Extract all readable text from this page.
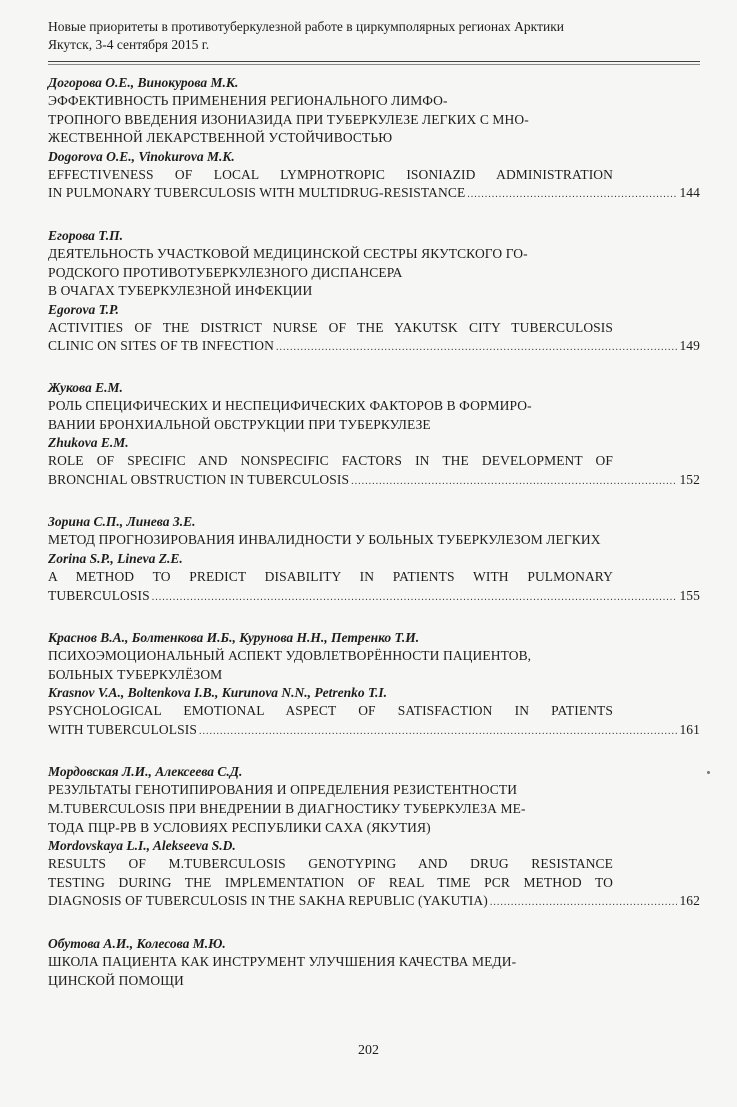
Новые приоритеты в противотуберкулезной работе в циркумполярных регионах Арктики
Якутск, 3-4 сентября 2015 г.
Догорова О.Е., Винокурова М.К.
ЭФФЕКТИВНОСТЬ ПРИМЕНЕНИЯ РЕГИОНАЛЬНОГО ЛИМФО-
ТРОПНОГО ВВЕДЕНИЯ ИЗОНИАЗИДА ПРИ ТУБЕРКУЛЕЗЕ ЛЕГКИХ С МНО-
ЖЕСТВЕННОЙ ЛЕКАРСТВЕННОЙ УСТОЙЧИВОСТЬЮ
Dogorova O.E., Vinokurova M.K.
EFFECTIVENESS OF LOCAL LYMPHOTROPIC ISONIAZID ADMINISTRATION
IN PULMONARY TUBERCULOSIS WITH MULTIDRUG-RESISTANCE .....	144
Егорова Т.П.
ДЕЯТЕЛЬНОСТЬ УЧАСТКОВОЙ МЕДИЦИНСКОЙ СЕСТРЫ ЯКУТСКОГО ГО-
РОДСКОГО ПРОТИВОТУБЕРКУЛЕЗНОГО ДИСПАНСЕРА
В ОЧАГАХ ТУБЕРКУЛЕЗНОЙ ИНФЕКЦИИ
Egorova T.P.
ACTIVITIES OF THE DISTRICT NURSE OF THE YAKUTSK CITY TUBERCULOSIS
CLINIC ON SITES OF TB INFECTION .....	149
Жукова Е.М.
РОЛЬ СПЕЦИФИЧЕСКИХ И НЕСПЕЦИФИЧЕСКИХ ФАКТОРОВ В ФОРМИРО-
ВАНИИ БРОНХИАЛЬНОЙ ОБСТРУКЦИИ ПРИ ТУБЕРКУЛЕЗЕ
Zhukova E.M.
ROLE OF SPECIFIC AND NONSPECIFIC FACTORS IN THE DEVELOPMENT OF
BRONCHIAL OBSTRUCTION IN TUBERCULOSIS .....	152
Зорина С.П., Линева З.Е.
МЕТОД ПРОГНОЗИРОВАНИЯ ИНВАЛИДНОСТИ У БОЛЬНЫХ ТУБЕРКУЛЕЗОМ ЛЕГКИХ
Zorina S.P., Lineva Z.E.
A METHOD TO PREDICT DISABILITY IN PATIENTS WITH PULMONARY
TUBERCULOSIS .....	155
Краснов В.А., Болтенкова И.Б., Курунова Н.Н., Петренко Т.И.
ПСИХОЭМОЦИОНАЛЬНЫЙ АСПЕКТ УДОВЛЕТВОРЁННОСТИ ПАЦИЕНТОВ,
БОЛЬНЫХ ТУБЕРКУЛЁЗОМ
Krasnov V.A., Boltenkova I.B., Kurunova N.N., Petrenko T.I.
PSYCHOLOGICAL EMOTIONAL ASPECT OF SATISFACTION IN PATIENTS
WITH TUBERCULOLSIS .....	161
Мордовская Л.И., Алексеева С.Д.
РЕЗУЛЬТАТЫ ГЕНОТИПИРОВАНИЯ И ОПРЕДЕЛЕНИЯ РЕЗИСТЕНТНОСТИ
M.TUBERCULOSIS ПРИ ВНЕДРЕНИИ В ДИАГНОСТИКУ ТУБЕРКУЛЕЗА МЕ-
ТОДА ПЦР-РВ В УСЛОВИЯХ РЕСПУБЛИКИ САХА (ЯКУТИЯ)
Mordovskaya L.I., Alekseeva S.D.
RESULTS OF M.TUBERCULOSIS GENOTYPING AND DRUG RESISTANCE
TESTING DURING THE IMPLEMENTATION OF REAL TIME PCR METHOD TO
DIAGNOSIS OF TUBERCULOSIS IN THE SAKHA REPUBLIC (YAKUTIA) .....	162
Обутова А.И., Колесова М.Ю.
ШКОЛА ПАЦИЕНТА КАК ИНСТРУМЕНТ УЛУЧШЕНИЯ КАЧЕСТВА МЕДИ-
ЦИНСКОЙ ПОМОЩИ
202
